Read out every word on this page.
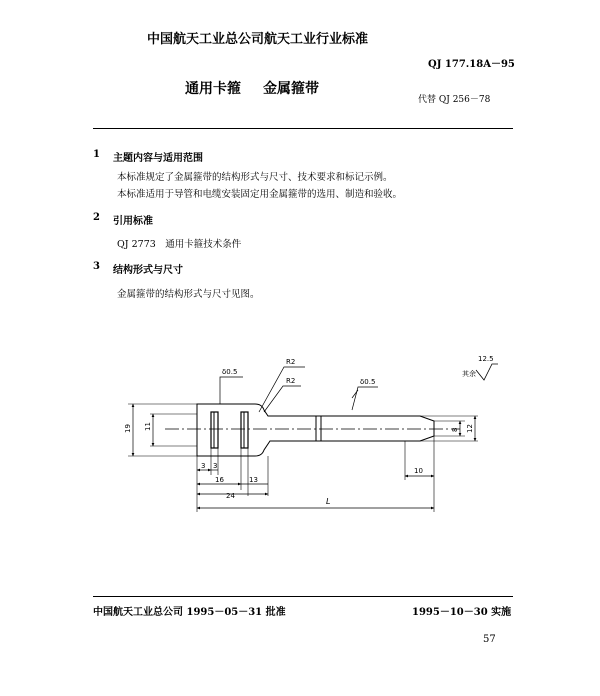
中国航天工业总公司航天工业行业标准
QJ 177.18A－95
通用卡箍 金属箍带
代替 QJ 256－78
1 主题内容与适用范围
本标准规定了金属箍带的结构形式与尺寸、技术要求和标记示例。
本标准适用于导管和电缆安装固定用金属箍带的选用、制造和验收。
2 引用标准
QJ 2773　通用卡箍技术条件
3 结构形式与尺寸
金属箍带的结构形式与尺寸见图。
R2
R2
δ0.5
δ0.5
12.5
其余
19 11	8 12
3 3
16	13
24
10
L
中国航天工业总公司 1995－05－31 批准	1995－10－30 实施
57
